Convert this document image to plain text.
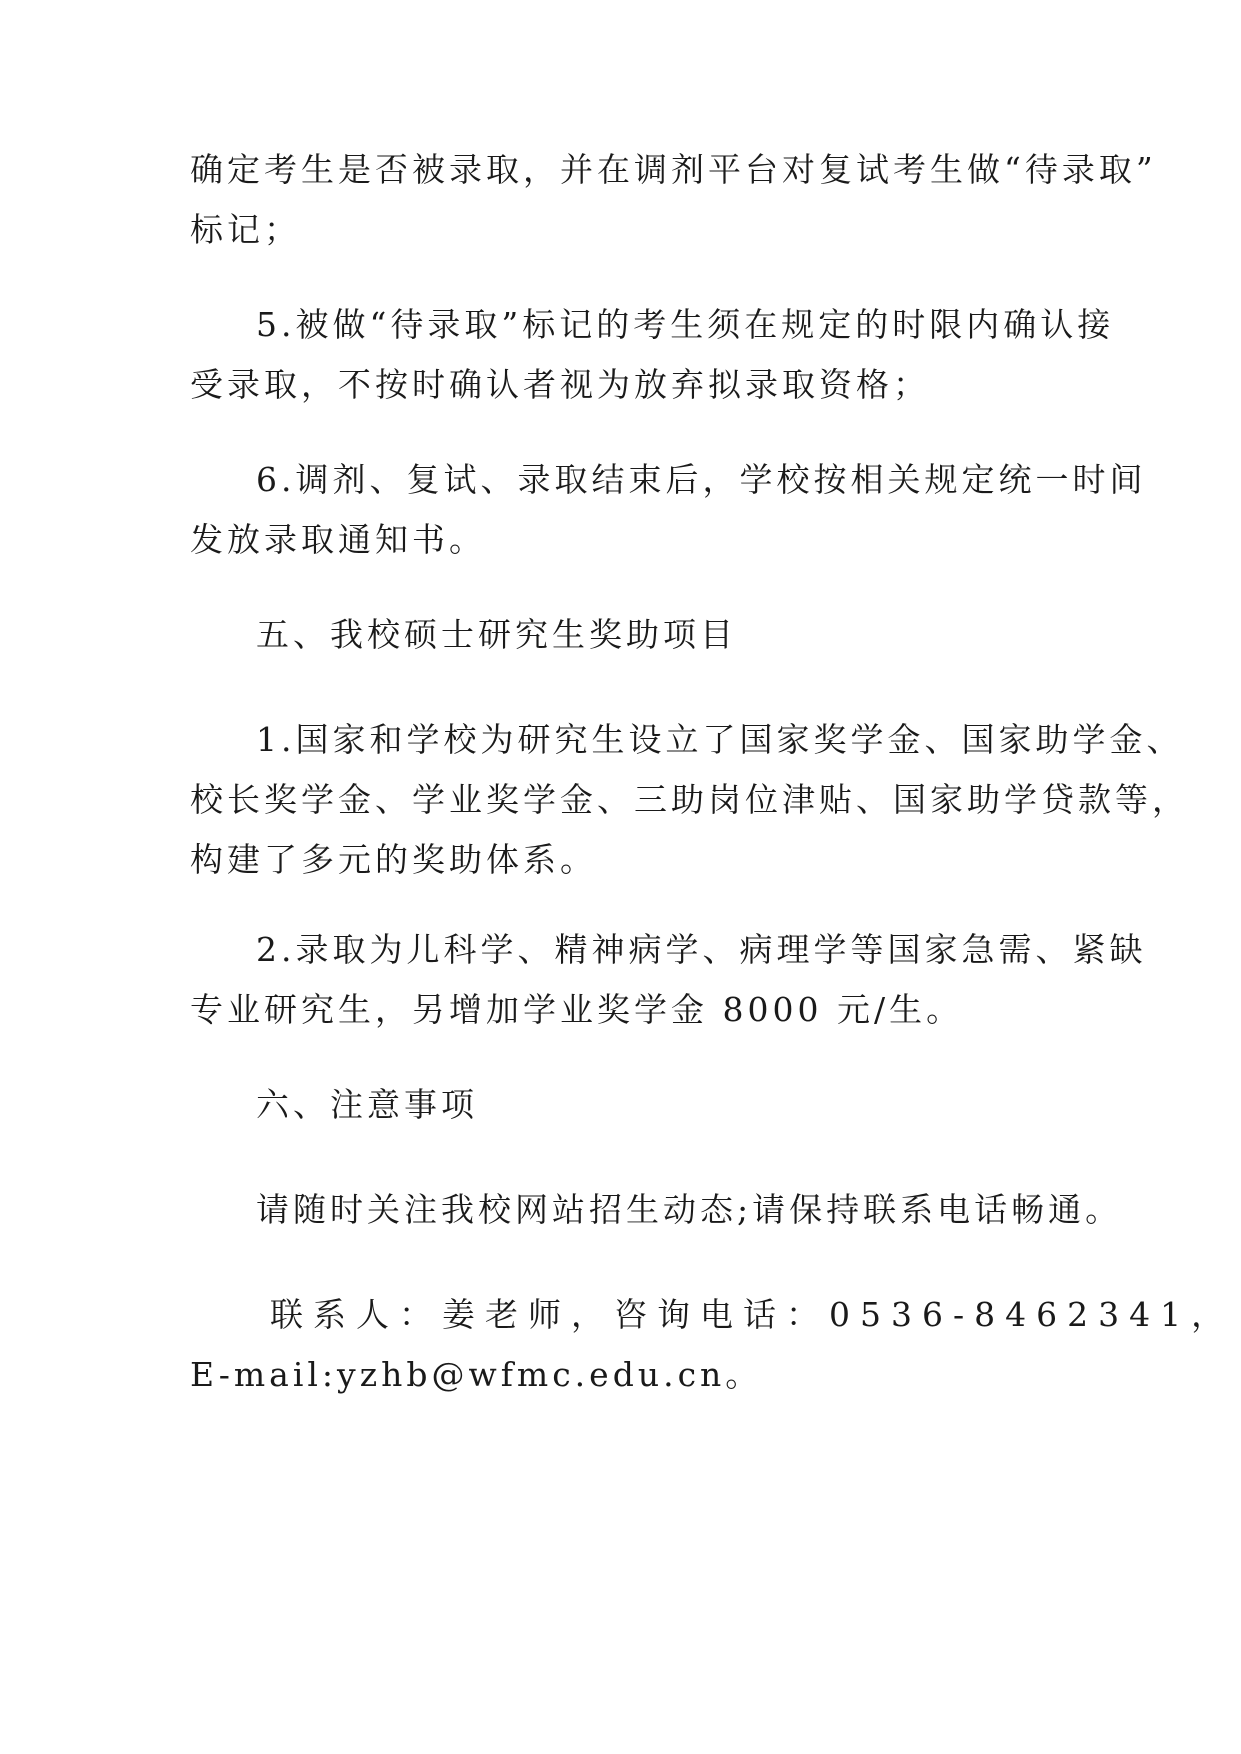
确定考生是否被录取，并在调剂平台对复试考生做“待录取”
标记；

5.被做“待录取”标记的考生须在规定的时限内确认接
受录取，不按时确认者视为放弃拟录取资格；

6.调剂、复试、录取结束后，学校按相关规定统一时间
发放录取通知书。

五、我校硕士研究生奖助项目

1.国家和学校为研究生设立了国家奖学金、国家助学金、
校长奖学金、学业奖学金、三助岗位津贴、国家助学贷款等，
构建了多元的奖助体系。

2.录取为儿科学、精神病学、病理学等国家急需、紧缺
专业研究生，另增加学业奖学金 8000 元/生。

六、注意事项

请随时关注我校网站招生动态;请保持联系电话畅通。

联系人：姜老师，咨询电话：0536-8462341，

E-mail:yzhb@wfmc.edu.cn。
